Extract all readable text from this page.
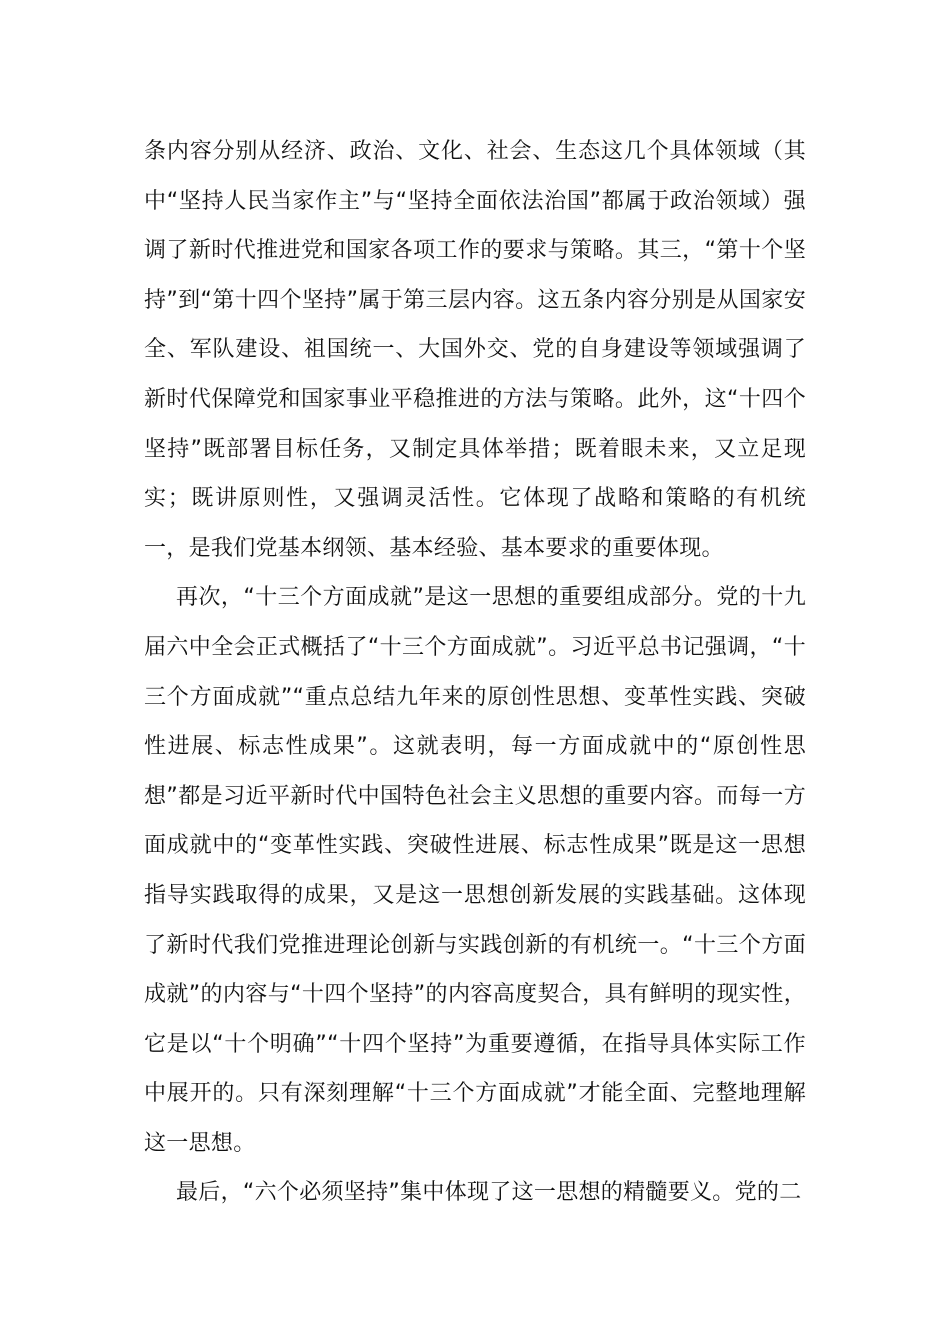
条内容分别从经济、政治、文化、社会、生态这几个具体领域（其中“坚持人民当家作主”与“坚持全面依法治国”都属于政治领域）强调了新时代推进党和国家各项工作的要求与策略。其三，“第十个坚持”到“第十四个坚持”属于第三层内容。这五条内容分别是从国家安全、军队建设、祖国统一、大国外交、党的自身建设等领域强调了新时代保障党和国家事业平稳推进的方法与策略。此外，这“十四个坚持”既部署目标任务，又制定具体举措；既着眼未来，又立足现实；既讲原则性，又强调灵活性。它体现了战略和策略的有机统一，是我们党基本纲领、基本经验、基本要求的重要体现。

再次，“十三个方面成就”是这一思想的重要组成部分。党的十九届六中全会正式概括了“十三个方面成就”。习近平总书记强调，“十三个方面成就”“重点总结九年来的原创性思想、变革性实践、突破性进展、标志性成果”。这就表明，每一方面成就中的“原创性思想”都是习近平新时代中国特色社会主义思想的重要内容。而每一方面成就中的“变革性实践、突破性进展、标志性成果”既是这一思想指导实践取得的成果，又是这一思想创新发展的实践基础。这体现了新时代我们党推进理论创新与实践创新的有机统一。“十三个方面成就”的内容与“十四个坚持”的内容高度契合，具有鲜明的现实性，它是以“十个明确”“十四个坚持”为重要遵循，在指导具体实际工作中展开的。只有深刻理解“十三个方面成就”才能全面、完整地理解这一思想。

最后，“六个必须坚持”集中体现了这一思想的精髓要义。党的二
